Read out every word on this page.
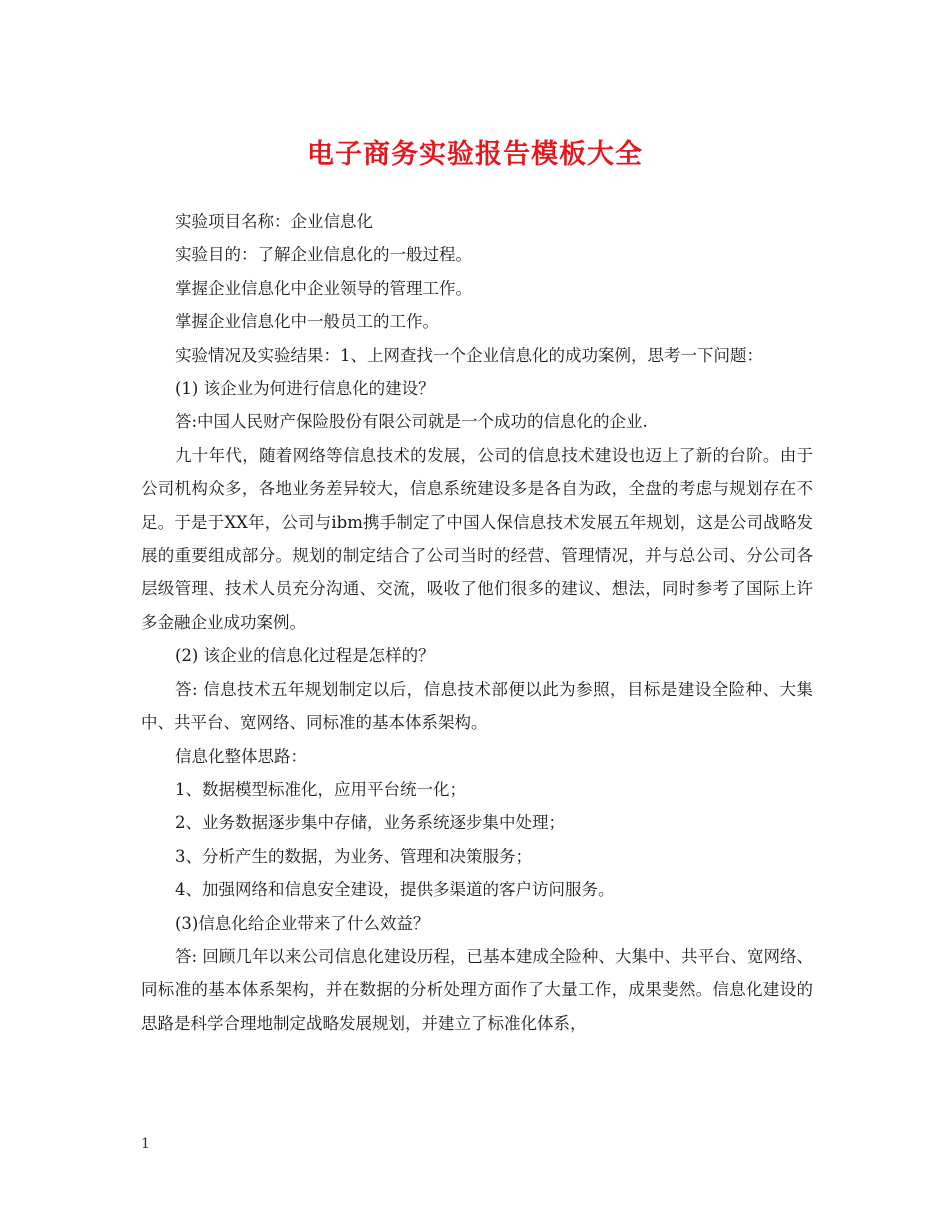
电子商务实验报告模板大全

实验项目名称：企业信息化

实验目的：了解企业信息化的一般过程。

掌握企业信息化中企业领导的管理工作。

掌握企业信息化中一般员工的工作。

实验情况及实验结果：1、上网查找一个企业信息化的成功案例，思考一下问题：

(1) 该企业为何进行信息化的建设？

答:中国人民财产保险股份有限公司就是一个成功的信息化的企业.

九十年代，随着网络等信息技术的发展，公司的信息技术建设也迈上了新的台阶。由于公司机构众多，各地业务差异较大，信息系统建设多是各自为政，全盘的考虑与规划存在不足。于是于XX年，公司与ibm携手制定了中国人保信息技术发展五年规划，这是公司战略发展的重要组成部分。规划的制定结合了公司当时的经营、管理情况，并与总公司、分公司各层级管理、技术人员充分沟通、交流，吸收了他们很多的建议、想法，同时参考了国际上许多金融企业成功案例。

(2) 该企业的信息化过程是怎样的？

答: 信息技术五年规划制定以后，信息技术部便以此为参照，目标是建设全险种、大集中、共平台、宽网络、同标准的基本体系架构。

信息化整体思路：

1、数据模型标准化，应用平台统一化；

2、业务数据逐步集中存储，业务系统逐步集中处理；

3、分析产生的数据，为业务、管理和决策服务；

4、加强网络和信息安全建设，提供多渠道的客户访问服务。

(3)信息化给企业带来了什么效益？

答: 回顾几年以来公司信息化建设历程，已基本建成全险种、大集中、共平台、宽网络、同标准的基本体系架构，并在数据的分析处理方面作了大量工作，成果斐然。信息化建设的思路是科学合理地制定战略发展规划，并建立了标准化体系，

1
